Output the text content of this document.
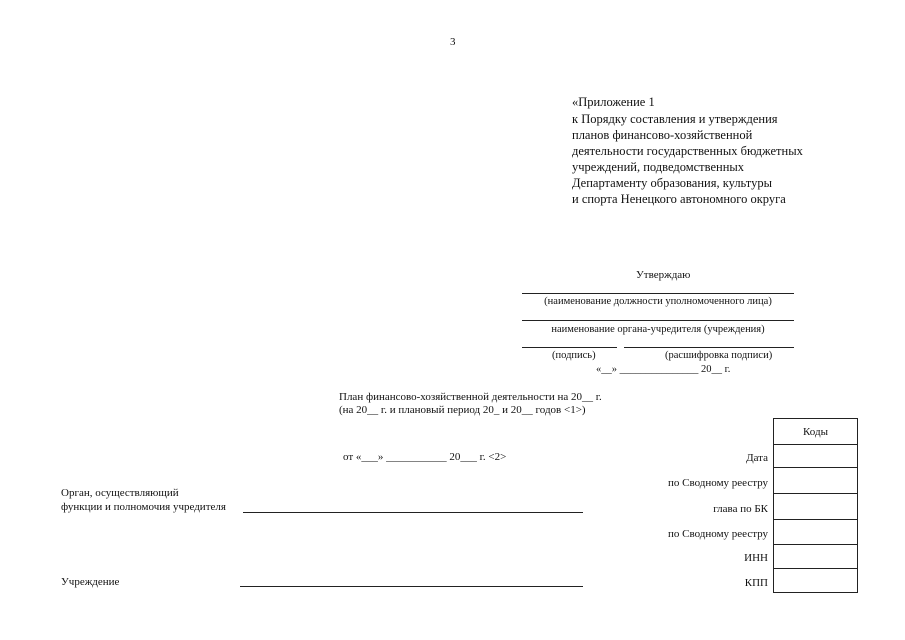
3
«Приложение 1
к Порядку составления и утверждения
планов финансово-хозяйственной
деятельности государственных бюджетных
учреждений, подведомственных
Департаменту образования, культуры
и спорта Ненецкого автономного округа
Утверждаю
(наименование должности уполномоченного лица)
наименование органа-учредителя (учреждения)
(подпись)	(расшифровка подписи)
«__» _______________ 20__ г.
План финансово-хозяйственной деятельности на 20__ г.
(на 20__ г. и плановый период 20_ и 20__ годов <1>)
от «___» ___________ 20___ г. <2>
Коды
Дата
по Сводному реестру
глава по БК
по Сводному реестру
ИНН
КПП
Орган, осуществляющий
функции и полномочия учредителя
Учреждение
